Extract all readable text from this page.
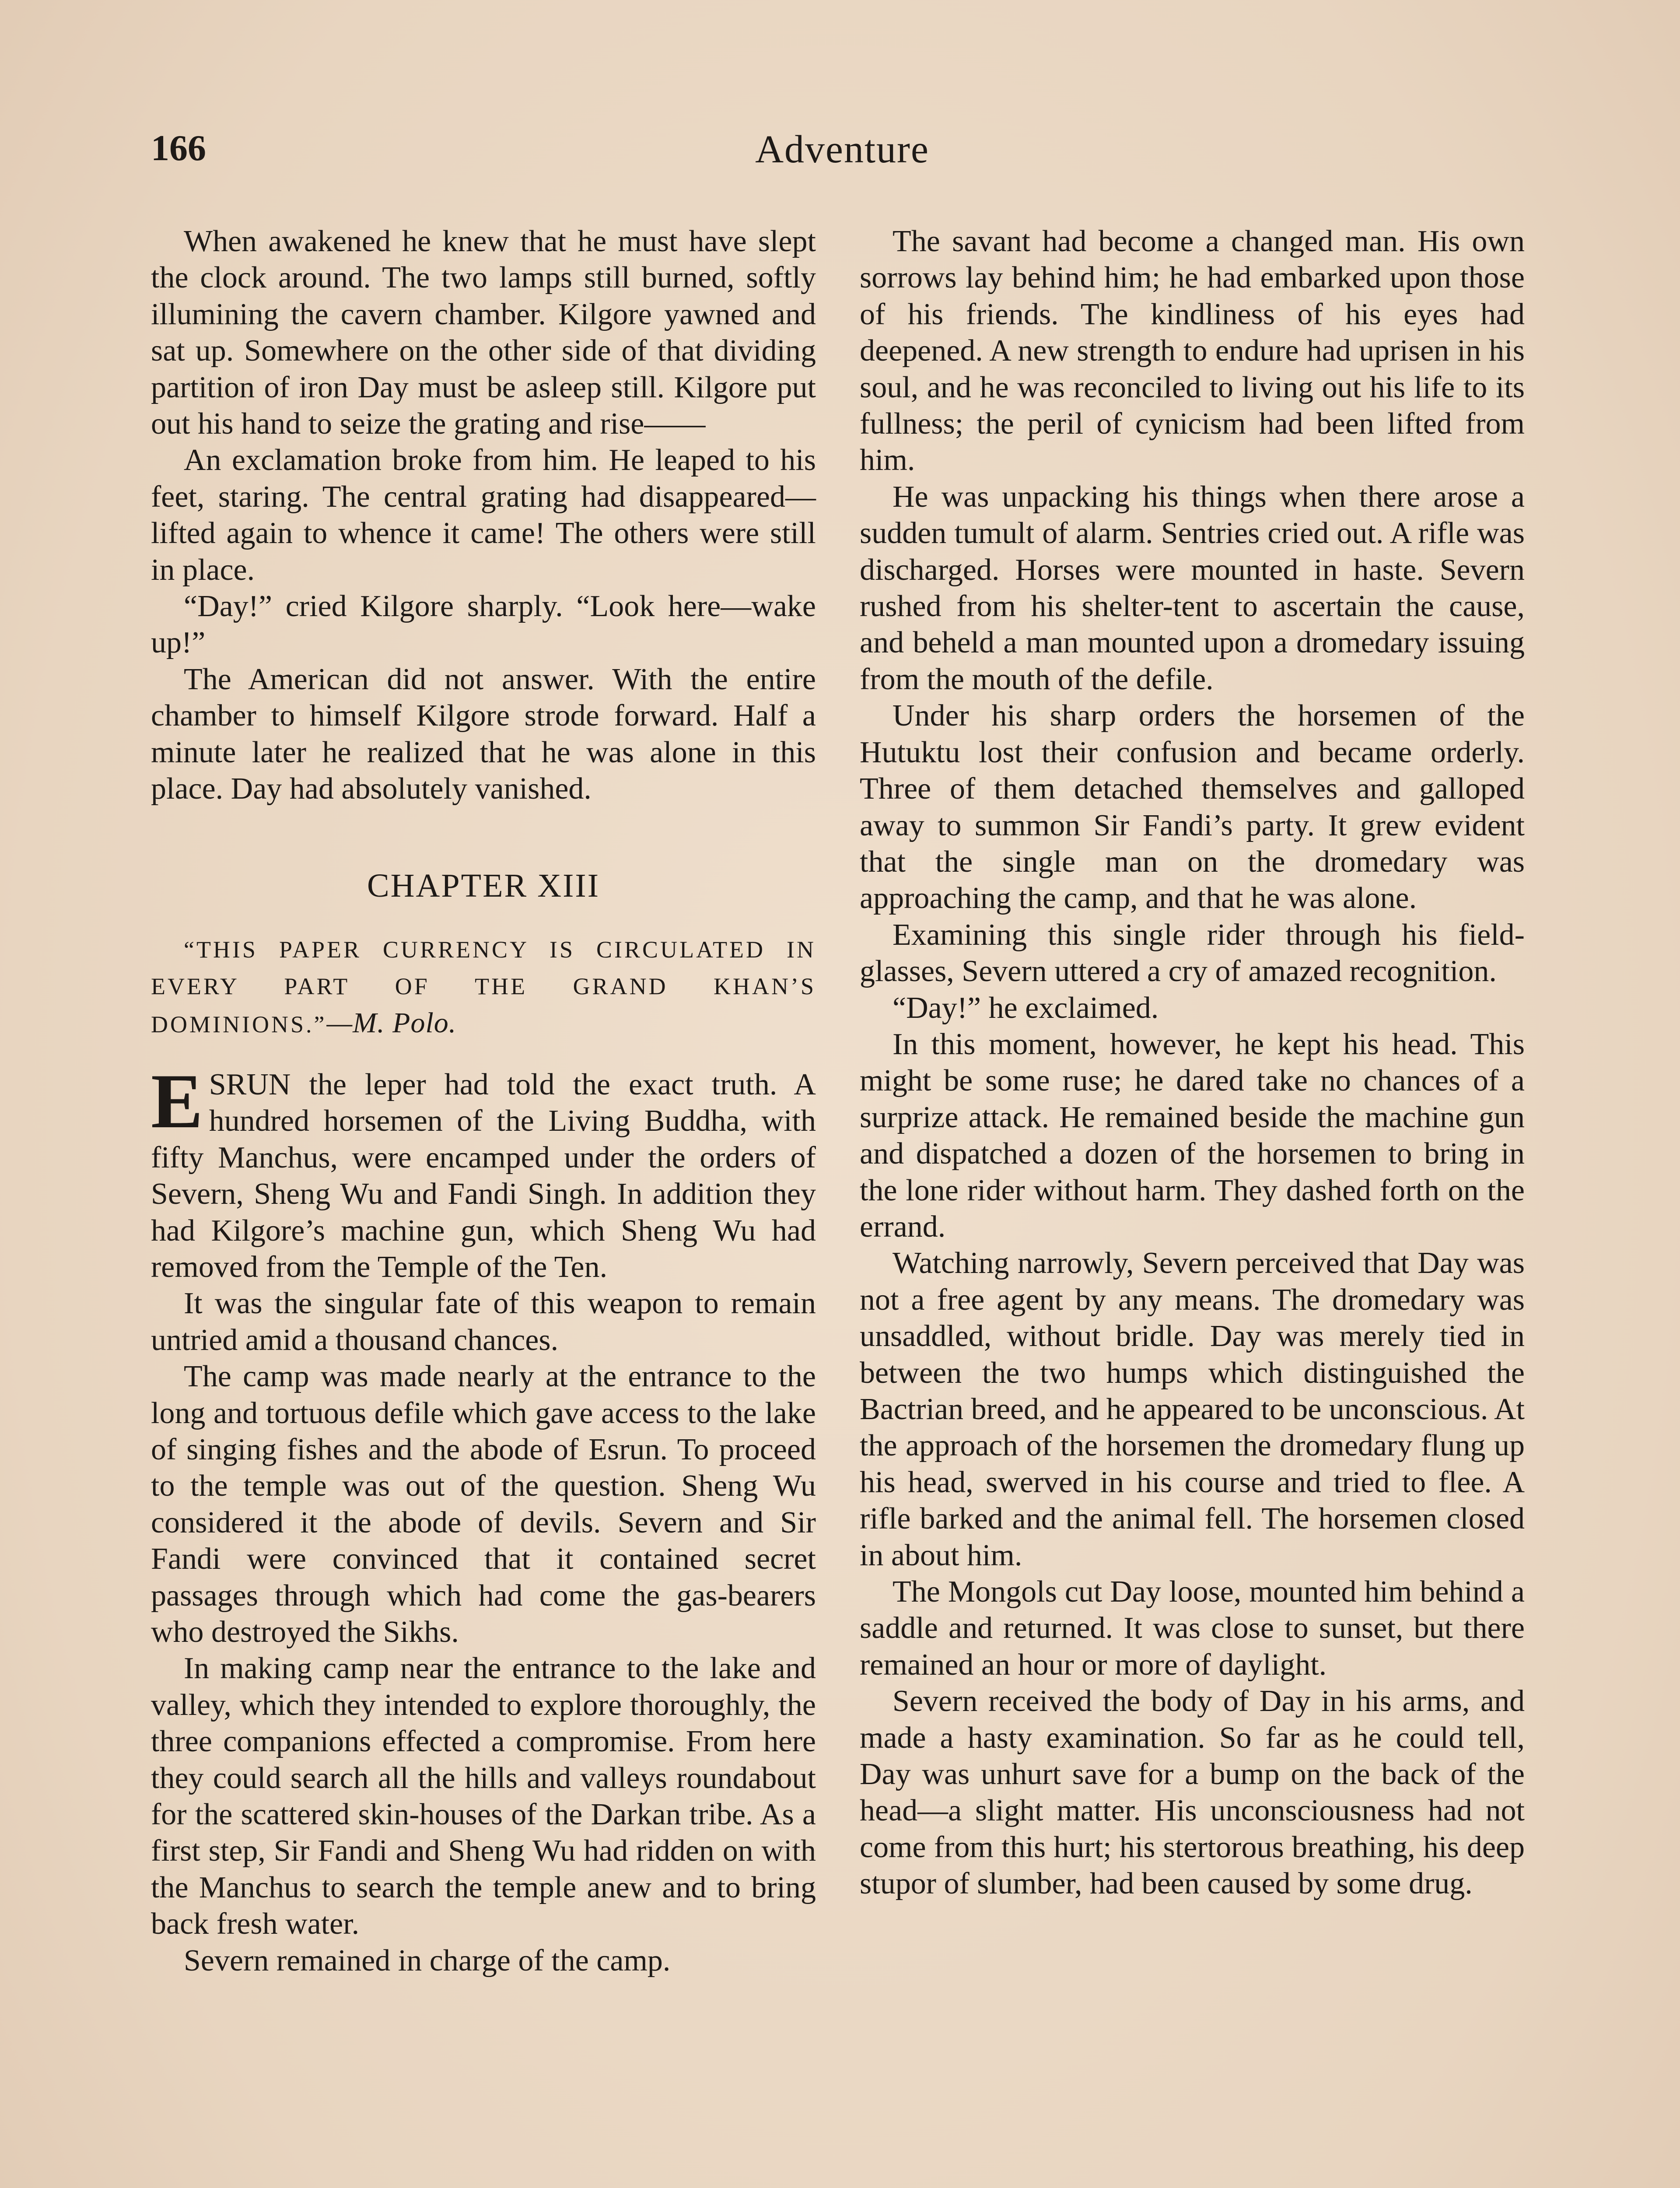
166	Adventure

When awakened he knew that he must have slept the clock around. The two lamps still burned, softly illumining the cavern chamber. Kilgore yawned and sat up. Somewhere on the other side of that dividing partition of iron Day must be asleep still. Kilgore put out his hand to seize the grating and rise——

An exclamation broke from him. He leaped to his feet, staring. The central grating had disappeared—lifted again to whence it came! The others were still in place.

“Day!” cried Kilgore sharply. “Look here—wake up!”

The American did not answer. With the entire chamber to himself Kilgore strode forward. Half a minute later he realized that he was alone in this place. Day had absolutely vanished.

CHAPTER XIII
“THIS PAPER CURRENCY IS CIRCULATED IN EVERY PART OF THE GRAND KHAN’S DOMINIONS.”—M. Polo.

ESRUN the leper had told the exact truth. A hundred horsemen of the Living Buddha, with fifty Manchus, were encamped under the orders of Severn, Sheng Wu and Fandi Singh. In addition they had Kilgore’s machine gun, which Sheng Wu had removed from the Temple of the Ten.

It was the singular fate of this weapon to remain untried amid a thousand chances.

The camp was made nearly at the entrance to the long and tortuous defile which gave access to the lake of singing fishes and the abode of Esrun. To proceed to the temple was out of the question. Sheng Wu considered it the abode of devils. Severn and Sir Fandi were convinced that it contained secret passages through which had come the gas-bearers who destroyed the Sikhs.

In making camp near the entrance to the lake and valley, which they intended to explore thoroughly, the three companions effected a compromise. From here they could search all the hills and valleys roundabout for the scattered skin-houses of the Darkan tribe. As a first step, Sir Fandi and Sheng Wu had ridden on with the Manchus to search the temple anew and to bring back fresh water.

Severn remained in charge of the camp.

The savant had become a changed man. His own sorrows lay behind him; he had embarked upon those of his friends. The kindliness of his eyes had deepened. A new strength to endure had uprisen in his soul, and he was reconciled to living out his life to its fullness; the peril of cynicism had been lifted from him.

He was unpacking his things when there arose a sudden tumult of alarm. Sentries cried out. A rifle was discharged. Horses were mounted in haste. Severn rushed from his shelter-tent to ascertain the cause, and beheld a man mounted upon a dromedary issuing from the mouth of the defile.

Under his sharp orders the horsemen of the Hutuktu lost their confusion and became orderly. Three of them detached themselves and galloped away to summon Sir Fandi’s party. It grew evident that the single man on the dromedary was approaching the camp, and that he was alone.

Examining this single rider through his field-glasses, Severn uttered a cry of amazed recognition.

“Day!” he exclaimed.

In this moment, however, he kept his head. This might be some ruse; he dared take no chances of a surprize attack. He remained beside the machine gun and dispatched a dozen of the horsemen to bring in the lone rider without harm. They dashed forth on the errand.

Watching narrowly, Severn perceived that Day was not a free agent by any means. The dromedary was unsaddled, without bridle. Day was merely tied in between the two humps which distinguished the Bactrian breed, and he appeared to be unconscious. At the approach of the horsemen the dromedary flung up his head, swerved in his course and tried to flee. A rifle barked and the animal fell. The horsemen closed in about him.

The Mongols cut Day loose, mounted him behind a saddle and returned. It was close to sunset, but there remained an hour or more of daylight.

Severn received the body of Day in his arms, and made a hasty examination. So far as he could tell, Day was unhurt save for a bump on the back of the head—a slight matter. His unconsciousness had not come from this hurt; his stertorous breathing, his deep stupor of slumber, had been caused by some drug.
